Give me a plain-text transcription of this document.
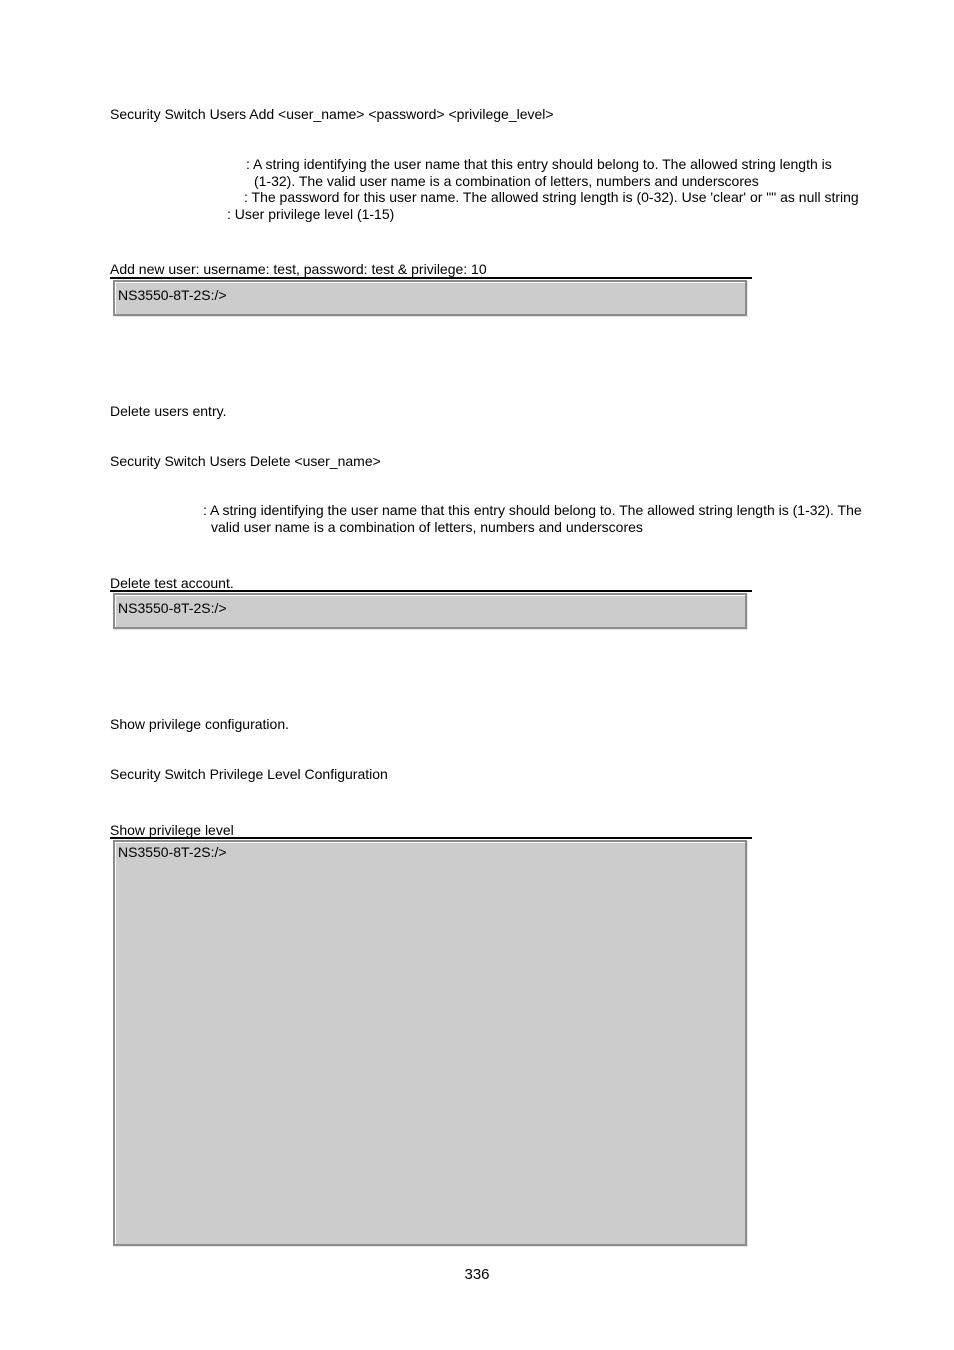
Security Switch Users Add <user_name> <password> <privilege_level>
: A string identifying the user name that this entry should belong to. The allowed string length is
(1-32). The valid user name is a combination of letters, numbers and underscores
: The password for this user name. The allowed string length is (0-32). Use 'clear' or "" as null string
: User privilege level (1-15)
Add new user: username: test, password: test & privilege: 10
NS3550-8T-2S:/>
Delete users entry.
Security Switch Users Delete <user_name>
: A string identifying the user name that this entry should belong to. The allowed string length is (1-32). The
valid user name is a combination of letters, numbers and underscores
Delete test account.
NS3550-8T-2S:/>
Show privilege configuration.
Security Switch Privilege Level Configuration
Show privilege level
NS3550-8T-2S:/>
336
